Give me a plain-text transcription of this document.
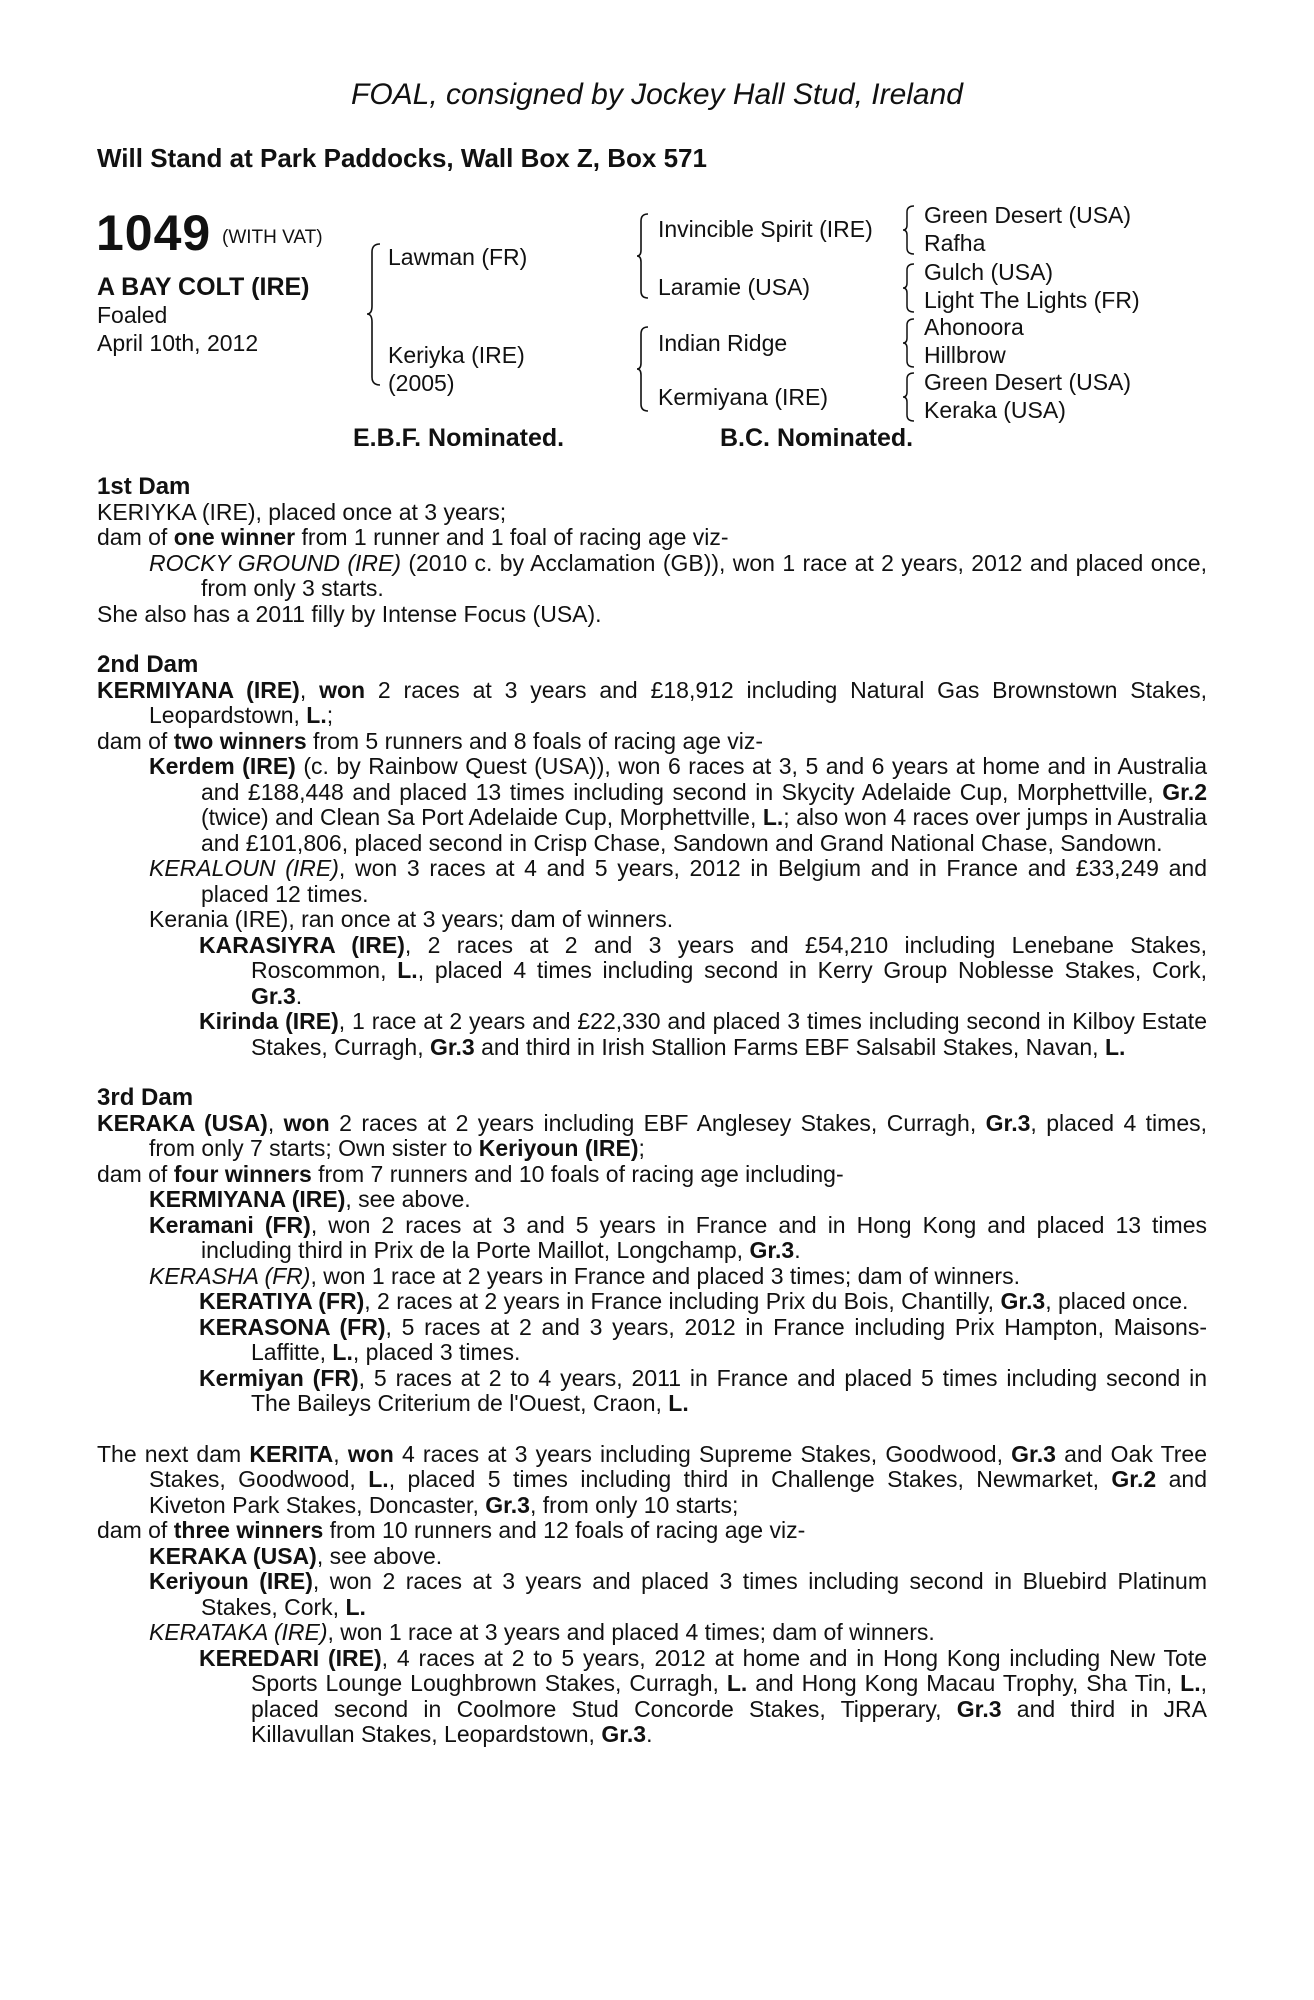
FOAL, consigned by Jockey Hall Stud, Ireland
Will Stand at Park Paddocks, Wall Box Z, Box 571
1049 (WITH VAT)
A BAY COLT (IRE)
Foaled
April 10th, 2012
Lawman (FR)
Keriyka (IRE)
(2005)
Invincible Spirit (IRE)
Laramie (USA)
Indian Ridge
Kermiyana (IRE)
Green Desert (USA)
Rafha
Gulch (USA)
Light The Lights (FR)
Ahonoora
Hillbrow
Green Desert (USA)
Keraka (USA)
E.B.F. Nominated.	B.C. Nominated.

1st Dam

KERIYKA (IRE), placed once at 3 years;

dam of one winner from 1 runner and 1 foal of racing age viz-

ROCKY GROUND (IRE) (2010 c. by Acclamation (GB)), won 1 race at 2 years, 2012 and placed once, from only 3 starts.

She also has a 2011 filly by Intense Focus (USA).

2nd Dam

KERMIYANA (IRE), won 2 races at 3 years and £18,912 including Natural Gas Brownstown Stakes, Leopardstown, L.;

dam of two winners from 5 runners and 8 foals of racing age viz-

Kerdem (IRE) (c. by Rainbow Quest (USA)), won 6 races at 3, 5 and 6 years at home and in Australia and £188,448 and placed 13 times including second in Skycity Adelaide Cup, Morphettville, Gr.2 (twice) and Clean Sa Port Adelaide Cup, Morphettville, L.; also won 4 races over jumps in Australia and £101,806, placed second in Crisp Chase, Sandown and Grand National Chase, Sandown.

KERALOUN (IRE), won 3 races at 4 and 5 years, 2012 in Belgium and in France and £33,249 and placed 12 times.

Kerania (IRE), ran once at 3 years; dam of winners.

KARASIYRA (IRE), 2 races at 2 and 3 years and £54,210 including Lenebane Stakes, Roscommon, L., placed 4 times including second in Kerry Group Noblesse Stakes, Cork, Gr.3.

Kirinda (IRE), 1 race at 2 years and £22,330 and placed 3 times including second in Kilboy Estate Stakes, Curragh, Gr.3 and third in Irish Stallion Farms EBF Salsabil Stakes, Navan, L.

3rd Dam

KERAKA (USA), won 2 races at 2 years including EBF Anglesey Stakes, Curragh, Gr.3, placed 4 times, from only 7 starts; Own sister to Keriyoun (IRE);

dam of four winners from 7 runners and 10 foals of racing age including-

KERMIYANA (IRE), see above.

Keramani (FR), won 2 races at 3 and 5 years in France and in Hong Kong and placed 13 times including third in Prix de la Porte Maillot, Longchamp, Gr.3.

KERASHA (FR), won 1 race at 2 years in France and placed 3 times; dam of winners.

KERATIYA (FR), 2 races at 2 years in France including Prix du Bois, Chantilly, Gr.3, placed once.

KERASONA (FR), 5 races at 2 and 3 years, 2012 in France including Prix Hampton, Maisons-Laffitte, L., placed 3 times.

Kermiyan (FR), 5 races at 2 to 4 years, 2011 in France and placed 5 times including second in The Baileys Criterium de l'Ouest, Craon, L.

The next dam KERITA, won 4 races at 3 years including Supreme Stakes, Goodwood, Gr.3 and Oak Tree Stakes, Goodwood, L., placed 5 times including third in Challenge Stakes, Newmarket, Gr.2 and Kiveton Park Stakes, Doncaster, Gr.3, from only 10 starts;

dam of three winners from 10 runners and 12 foals of racing age viz-

KERAKA (USA), see above.

Keriyoun (IRE), won 2 races at 3 years and placed 3 times including second in Bluebird Platinum Stakes, Cork, L.

KERATAKA (IRE), won 1 race at 3 years and placed 4 times; dam of winners.

KEREDARI (IRE), 4 races at 2 to 5 years, 2012 at home and in Hong Kong including New Tote Sports Lounge Loughbrown Stakes, Curragh, L. and Hong Kong Macau Trophy, Sha Tin, L., placed second in Coolmore Stud Concorde Stakes, Tipperary, Gr.3 and third in JRA Killavullan Stakes, Leopardstown, Gr.3.
